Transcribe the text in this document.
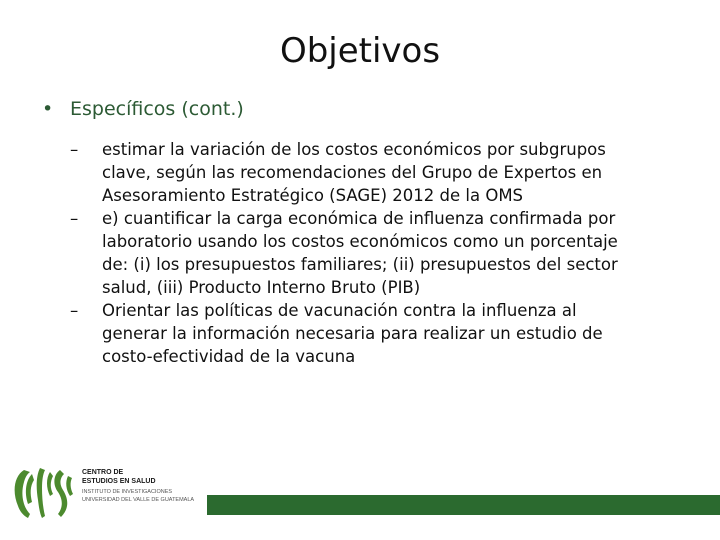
Objetivos
• Específicos (cont.)
– estimar la variación de los costos económicos por subgrupos
clave, según las recomendaciones del Grupo de Expertos en
Asesoramiento Estratégico (SAGE) 2012 de la OMS
– e) cuantificar la carga económica de influenza confirmada por
laboratorio usando los costos económicos como un porcentaje
de: (i) los presupuestos familiares; (ii) presupuestos del sector
salud, (iii) Producto Interno Bruto (PIB)
– Orientar las políticas de vacunación contra la influenza al
generar la información necesaria para realizar un estudio de
costo-efectividad de la vacuna
CENTRO DE
ESTUDIOS EN SALUD
INSTITUTO DE INVESTIGACIONES
UNIVERSIDAD DEL VALLE DE GUATEMALA
